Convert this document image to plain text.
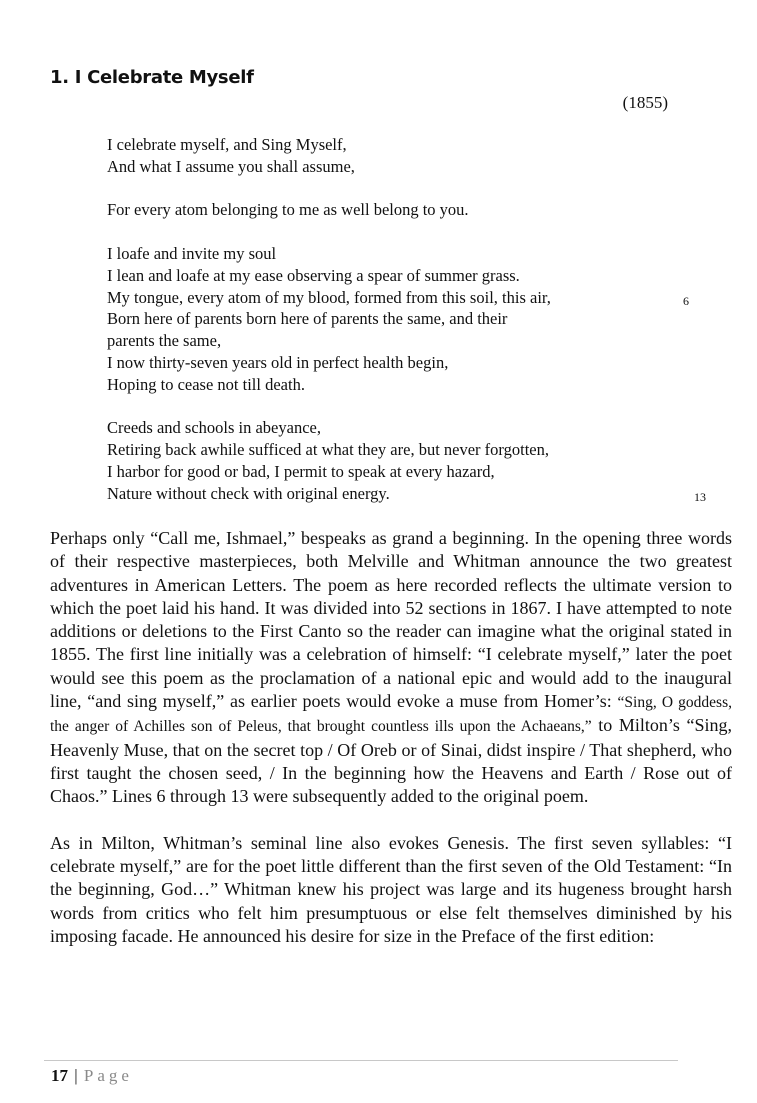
1. I Celebrate Myself
(1855)
I celebrate myself, and Sing Myself,
And what I assume you shall assume,
For every atom belonging to me as well belong to you.
I loafe and invite my soul
I lean and loafe at my ease observing a spear of summer grass.
My tongue, every atom of my blood, formed from this soil, this air,	6
Born here of parents born here of parents the same, and their
parents the same,
I now thirty-seven years old in perfect health begin,
Hoping to cease not till death.
Creeds and schools in abeyance,
Retiring back awhile sufficed at what they are, but never forgotten,
I harbor for good or bad, I permit to speak at every hazard,
Nature without check with original energy.	13

Perhaps only “Call me, Ishmael,” bespeaks as grand a beginning. In the opening three words of their respective masterpieces, both Melville and Whitman announce the two greatest adventures in American Letters. The poem as here recorded reflects the ultimate version to which the poet laid his hand. It was divided into 52 sections in 1867. I have attempted to note additions or deletions to the First Canto so the reader can imagine what the original stated in 1855. The first line initially was a celebration of himself: “I celebrate myself,” later the poet would see this poem as the proclamation of a national epic and would add to the inaugural line, “and sing myself,” as earlier poets would evoke a muse from Homer’s: “Sing, O goddess, the anger of Achilles son of Peleus, that brought countless ills upon the Achaeans,” to Milton’s “Sing, Heavenly Muse, that on the secret top / Of Oreb or of Sinai, didst inspire / That shepherd, who first taught the chosen seed, / In the beginning how the Heavens and Earth / Rose out of Chaos.” Lines 6 through 13 were subsequently added to the original poem.

As in Milton, Whitman’s seminal line also evokes Genesis. The first seven syllables: “I celebrate myself,” are for the poet little different than the first seven of the Old Testament: “In the beginning, God…” Whitman knew his project was large and its hugeness brought harsh words from critics who felt him presumptuous or else felt themselves diminished by his imposing facade. He announced his desire for size in the Preface of the first edition:

17 | Page
